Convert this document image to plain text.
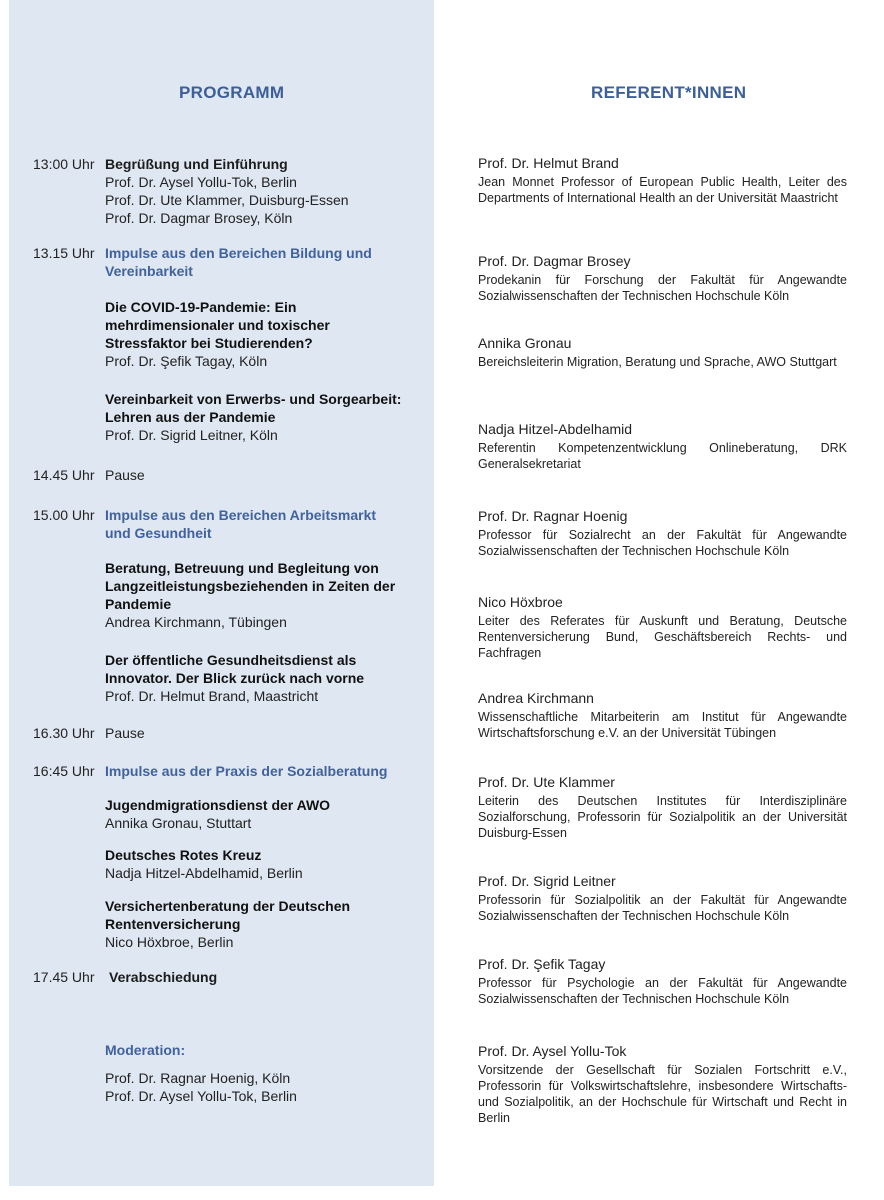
PROGRAMM	REFERENT*INNEN
13:00 Uhr Begrüßung und Einführung
Prof. Dr. Aysel Yollu-Tok, Berlin
Prof. Dr. Ute Klammer, Duisburg-Essen
Prof. Dr. Dagmar Brosey, Köln
13.15 Uhr Impulse aus den Bereichen Bildung und Vereinbarkeit
Die COVID-19-Pandemie: Ein mehrdimensionaler und toxischer Stressfaktor bei Studierenden?
Prof. Dr. Şefik Tagay, Köln
Vereinbarkeit von Erwerbs- und Sorgearbeit: Lehren aus der Pandemie
Prof. Dr. Sigrid Leitner, Köln
14.45 Uhr Pause
15.00 Uhr Impulse aus den Bereichen Arbeitsmarkt und Gesundheit
Beratung, Betreuung und Begleitung von Langzeitleistungsbeziehenden in Zeiten der Pandemie
Andrea Kirchmann, Tübingen
Der öffentliche Gesundheitsdienst als Innovator. Der Blick zurück nach vorne
Prof. Dr. Helmut Brand, Maastricht
16.30 Uhr Pause
16:45 Uhr Impulse aus der Praxis der Sozialberatung
Jugendmigrationsdienst der AWO
Annika Gronau, Stuttart
Deutsches Rotes Kreuz
Nadja Hitzel-Abdelhamid, Berlin
Versichertenberatung der Deutschen Rentenversicherung
Nico Höxbroe, Berlin
17.45 Uhr Verabschiedung
Moderation:
Prof. Dr. Ragnar Hoenig, Köln
Prof. Dr. Aysel Yollu-Tok, Berlin
Prof. Dr. Helmut Brand
Jean Monnet Professor of European Public Health, Leiter des Departments of International Health an der Universität Maastricht
Prof. Dr. Dagmar Brosey
Prodekanin für Forschung der Fakultät für Angewandte Sozialwissenschaften der Technischen Hochschule Köln
Annika Gronau
Bereichsleiterin Migration, Beratung und Sprache, AWO Stuttgart
Nadja Hitzel-Abdelhamid
Referentin Kompetenzentwicklung Onlineberatung, DRK Generalsekretariat
Prof. Dr. Ragnar Hoenig
Professor für Sozialrecht an der Fakultät für Angewandte Sozialwissenschaften der Technischen Hochschule Köln
Nico Höxbroe
Leiter des Referates für Auskunft und Beratung, Deutsche Rentenversicherung Bund, Geschäftsbereich Rechts- und Fachfragen
Andrea Kirchmann
Wissenschaftliche Mitarbeiterin am Institut für Angewandte Wirtschaftsforschung e.V. an der Universität Tübingen
Prof. Dr. Ute Klammer
Leiterin des Deutschen Institutes für Interdisziplinäre Sozialforschung, Professorin für Sozialpolitik an der Universität Duisburg-Essen
Prof. Dr. Sigrid Leitner
Professorin für Sozialpolitik an der Fakultät für Angewandte Sozialwissenschaften der Technischen Hochschule Köln
Prof. Dr. Şefik Tagay
Professor für Psychologie an der Fakultät für Angewandte Sozialwissenschaften der Technischen Hochschule Köln
Prof. Dr. Aysel Yollu-Tok
Vorsitzende der Gesellschaft für Sozialen Fortschritt e.V., Professorin für Volkswirtschaftslehre, insbesondere Wirtschafts- und Sozialpolitik, an der Hochschule für Wirtschaft und Recht in Berlin
